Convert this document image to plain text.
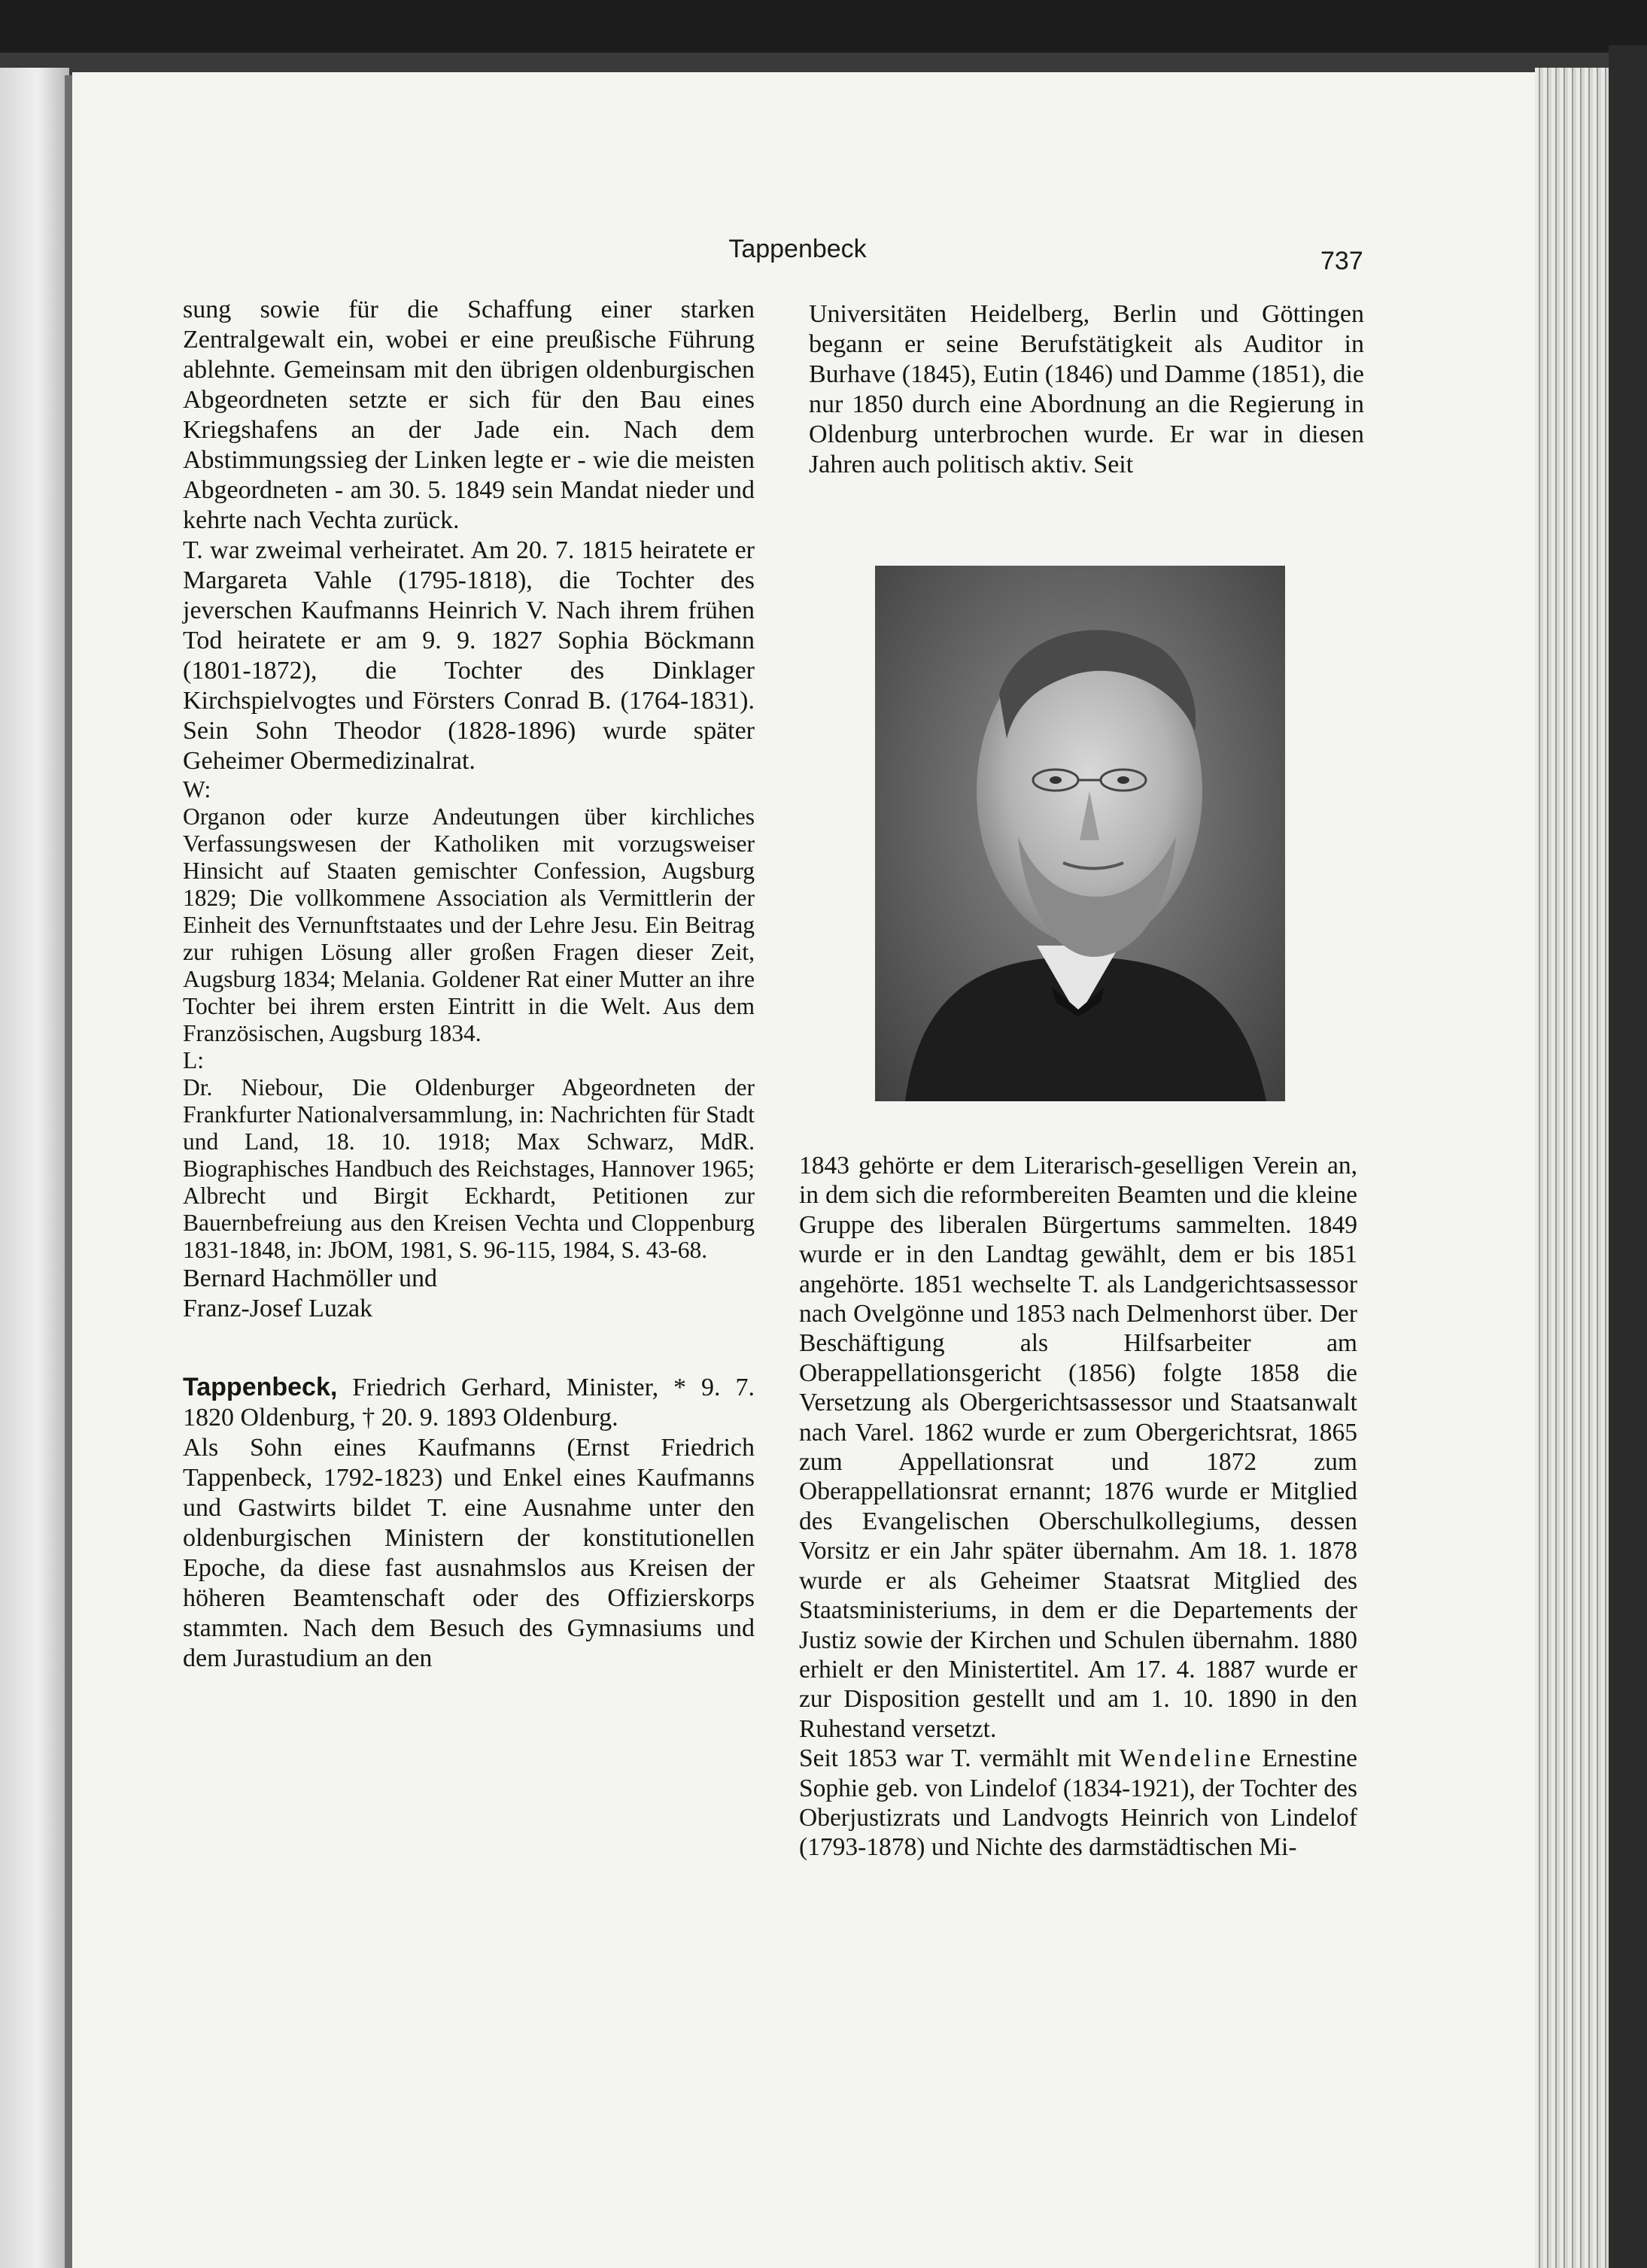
Tappenbeck	737

sung sowie für die Schaffung einer starken Zentralgewalt ein, wobei er eine preußische Führung ablehnte. Gemeinsam mit den übrigen oldenburgischen Abgeordneten setzte er sich für den Bau eines Kriegshafens an der Jade ein. Nach dem Abstimmungssieg der Linken legte er - wie die meisten Abgeordneten - am 30. 5. 1849 sein Mandat nieder und kehrte nach Vechta zurück.

T. war zweimal verheiratet. Am 20. 7. 1815 heiratete er Margareta Vahle (1795-1818), die Tochter des jeverschen Kaufmanns Heinrich V. Nach ihrem frühen Tod heiratete er am 9. 9. 1827 Sophia Böckmann (1801-1872), die Tochter des Dinklager Kirchspielvogtes und Försters Conrad B. (1764-1831). Sein Sohn Theodor (1828-1896) wurde später Geheimer Obermedizinalrat.

W:

Organon oder kurze Andeutungen über kirchliches Verfassungswesen der Katholiken mit vorzugsweiser Hinsicht auf Staaten gemischter Confession, Augsburg 1829; Die vollkommene Association als Vermittlerin der Einheit des Vernunftstaates und der Lehre Jesu. Ein Beitrag zur ruhigen Lösung aller großen Fragen dieser Zeit, Augsburg 1834; Melania. Goldener Rat einer Mutter an ihre Tochter bei ihrem ersten Eintritt in die Welt. Aus dem Französischen, Augsburg 1834.

L:

Dr. Niebour, Die Oldenburger Abgeordneten der Frankfurter Nationalversammlung, in: Nachrichten für Stadt und Land, 18. 10. 1918; Max Schwarz, MdR. Biographisches Handbuch des Reichstages, Hannover 1965; Albrecht und Birgit Eckhardt, Petitionen zur Bauernbefreiung aus den Kreisen Vechta und Cloppenburg 1831-1848, in: JbOM, 1981, S. 96-115, 1984, S. 43-68.

Bernard Hachmöller und

Franz-Josef Luzak

Tappenbeck, Friedrich Gerhard, Minister, * 9. 7. 1820 Oldenburg, † 20. 9. 1893 Oldenburg.

Als Sohn eines Kaufmanns (Ernst Friedrich Tappenbeck, 1792-1823) und Enkel eines Kaufmanns und Gastwirts bildet T. eine Ausnahme unter den oldenburgischen Ministern der konstitutionellen Epoche, da diese fast ausnahmslos aus Kreisen der höheren Beamtenschaft oder des Offizierskorps stammten. Nach dem Besuch des Gymnasiums und dem Jurastudium an den

Universitäten Heidelberg, Berlin und Göttingen begann er seine Berufstätigkeit als Auditor in Burhave (1845), Eutin (1846) und Damme (1851), die nur 1850 durch eine Abordnung an die Regierung in Oldenburg unterbrochen wurde. Er war in diesen Jahren auch politisch aktiv. Seit

1843 gehörte er dem Literarisch-geselligen Verein an, in dem sich die reformbereiten Beamten und die kleine Gruppe des liberalen Bürgertums sammelten. 1849 wurde er in den Landtag gewählt, dem er bis 1851 angehörte. 1851 wechselte T. als Landgerichtsassessor nach Ovelgönne und 1853 nach Delmenhorst über. Der Beschäftigung als Hilfsarbeiter am Oberappellationsgericht (1856) folgte 1858 die Versetzung als Obergerichtsassessor und Staatsanwalt nach Varel. 1862 wurde er zum Obergerichtsrat, 1865 zum Appellationsrat und 1872 zum Oberappellationsrat ernannt; 1876 wurde er Mitglied des Evangelischen Oberschulkollegiums, dessen Vorsitz er ein Jahr später übernahm. Am 18. 1. 1878 wurde er als Geheimer Staatsrat Mitglied des Staatsministeriums, in dem er die Departements der Justiz sowie der Kirchen und Schulen übernahm. 1880 erhielt er den Ministertitel. Am 17. 4. 1887 wurde er zur Disposition gestellt und am 1. 10. 1890 in den Ruhestand versetzt.

Seit 1853 war T. vermählt mit Wendeline Ernestine Sophie geb. von Lindelof (1834-1921), der Tochter des Oberjustizrats und Landvogts Heinrich von Lindelof (1793-1878) und Nichte des darmstädtischen Mi-
